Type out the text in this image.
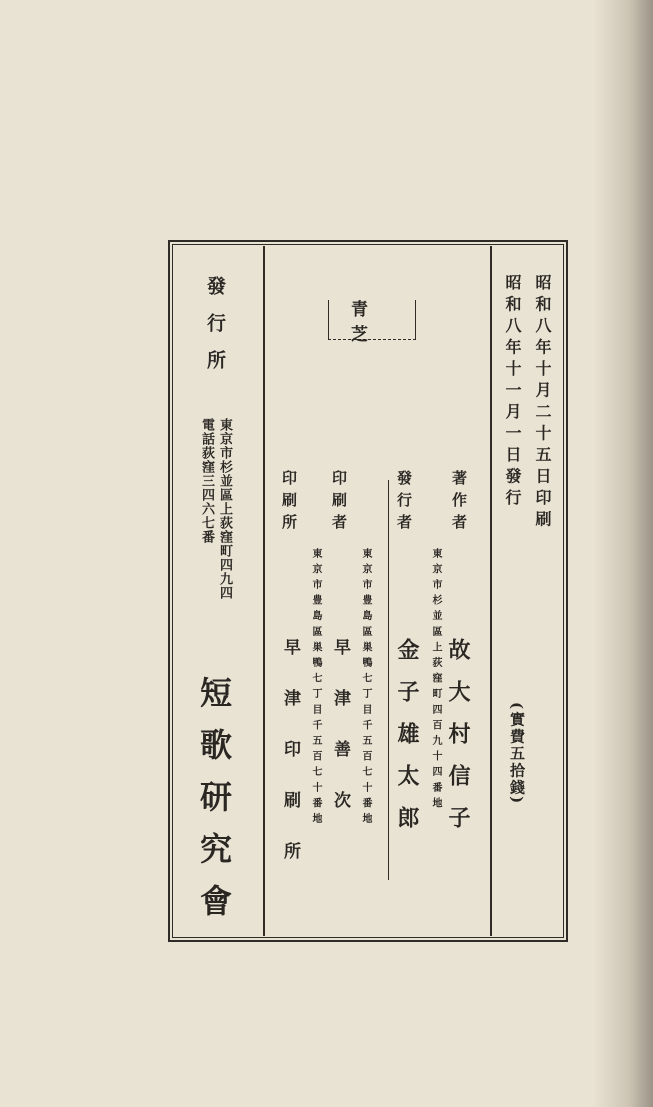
昭和八年十月二十五日印刷
昭和八年十一月一日發行
(實費五拾錢)
青芝
著作者
東京市杉並區上荻窪町四百九十四番地 故大村信子
發行者
金子雄太郎
印刷者
東京市豊島區巣鴨七丁目千五百七十番地
早津善次
印刷所
東京市豊島區巣鴨七丁目千五百七十番地
早津印刷所
發行所
東京市杉並區上荻窪町四九四
電話荻窪三四六七番
短歌研究會
